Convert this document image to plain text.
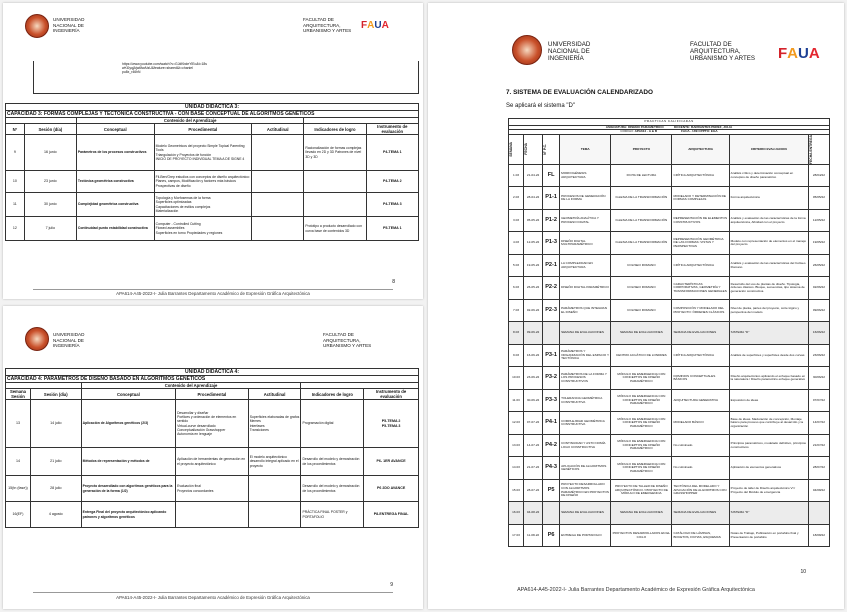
UNIVERSIDAD
NACIONAL DE
INGENIERÍA
FACULTAD DE
ARQUITECTURA,
URBANISMO Y ARTES F A U A
https://www.youtube.com/watch?v=GJdKbdeYlEo&t=18s
wKfJyqjAjw6fwAIsU&feature=shared&t=chaniel
pu8x_r46hN
UNIDAD DIDÁCTICA 3:						
CAPACIDAD 3: FORMAS COMPLEJAS Y TECTONICA CONSTRUCTIVA - CON BASE CONCEPTUAL DE ALGORITMOS GENÉTICOS						
		Contenido del Aprendizaje				
Nº	Sesión (día)	Conceptual	Procedimental	Actitudinal	Indicadores de logro	Instrumento de evaluación
9	16 junio	Parámetros de los procesos constructivos	Modelo Geometricos del proyecto Simple Topical Parenting Tools
Triangulación y Proyectos de función
INICIO DE PROYECTO INDIVIDUAL TEMA A DE SIGNE 4		Racionalización de formas complejas llevado en 2D y 3D Patrones de nivel 3D y 3D	P4-TEMA 1
10	23 junio	Tectónica geométrica constructiva	Fil-Ben/Grep estudios con conceptos de diseño arquitectónico: Planes, campos, Modificación y factores más básicos Prospectivas de diseño			P4-TEMA 2
11	30 junio	Complejidad geométrica constructiva	Topología y Morfosemas de la forma
Superficies optimizadas
Capacitaciones de estilos complejos
Materialización			P4-TEMA 3
12	7 julio	Continuidad punto estabilidad constructiva	Computer - Controlled Cutting
Flowed assemblies
Superficies en torno Propiedades y regiones		Prototipo a producto desarrollado con curva base de contenidos 3D	P5-TEMA 1
8
APA614-A45-2022-I- Julia Barrantes Departamento Académico de Expresión Gráfica Arquitectónica
UNIVERSIDAD
NACIONAL DE
INGENIERÍA
FACULTAD DE
ARQUITECTURA,
URBANISMO Y ARTES
UNIDAD DIDÁCTICA 4:						
CAPACIDAD 4: PARAMETROS DE DISEÑO BASADO EN ALGORITMOS GENÉTICOS						
		Contenido del Aprendizaje				
Semana Sesión	Sesión (día)	Conceptual	Procedimental	Actitudinal	Indicadores de logro	Instrumento de evaluación
13	14 julio	Aplicación de Algoritmos genéticos (2/3)	Desarrollar y diseñar
Poélices y ordenación de elementos en sentido
Virtual-curve desarrollado
Conceptualización Grasshopper
Autonomía en lenguaje	Superficies elaboradas de grafos
Memes
Interfases
Transiciones	Programación digital	P5-TEMA 2
P5-TEMA 3
14	21 julio	Métodos de representación y métodos de	Aplicación de herramientas de generación en el proyecto arquitectónico	El modelo arquitectónico desarrollo integral aplicado en el proyecto	Desarrollo del modelo y demostración de los procedimientos	P6- 1ER AVANCE
15(tn (fase))	28 julio	Proyecto desarrollado con algoritmos genéticos para la generación de la forma (1/2)	Evaluación final
Proyectos concordantes		Desarrollo del modelo y demostración de los procedimientos	P6 2DO AVANCE
16(EF)	4 agosto	Entrega Final del proyecto arquitectónico aplicando patrones y algoritmos genéticos			PRÁCTICA FINAL POSTER y PORTAFOLIO	P8-ENTREGA FINAL
9
APA614-A45-2022-I- Julia Barrantes Departamento Académico de Expresión Gráfica Arquitectónica
UNIVERSIDAD
NACIONAL DE
INGENIERÍA
FACULTAD DE
ARQUITECTURA,
URBANISMO Y ARTES F A U A
7. SISTEMA DE EVALUACIÓN CALENDARIZADO
Se aplicará el sistema "D"
PRACTICAS CALIFICADAS							
ASIGNATURA: DISEÑO PARAMETRICO DOCENTE: BARRANTES PÉREZ, JULIA							
CÓDIGO: APA614 - A & B FAUA - UNI CPPTO: EGA							

SEMANA	FECHA	N° P.C.	TEMA	PROYECTO	ARQUITECTURA	CRITERIO EVALUACION	FECHA ENTREGA

1.03	21-04-22	FL	MORFOGÉNESIS ARQUITECTURA	FICHA DE LECTURA	CRÍTICA ARQUITECTÓNICA	Análisis crítico y determinación conceptual en conceptos de diseño paramétrico	28/04/22
2.03	28-04-22	P1-1	PROCESOS DE GENERACIÓN DE LA FORMA	IGLESIA DE LA TRANSFORMACIÓN	MODELADO Y DETERMINACIÓN DE FORMAS COMPLEJAS	Forma arquitectónica	05/05/22
3.03	05-05-22	P1-2	GEOMETRÍA ANALÍTICA Y PROCESO DIGITAL	IGLESIA DE LA TRANSFORMACIÓN	REPRESENTACIÓN DE ELEMENTOS CONSTRUCTIVOS	Análisis y evaluación de las características de la forma arquitectónica, Afinidad con el proyecto	12/05/22
4.03	12-05-22	P1-3	DISEÑO DIGITAL MULTIPARAMÉTRICO	IGLESIA DE LA TRANSFORMACIÓN	REPRESENTACIÓN GEOMÉTRICA DE LAS FORMAS: VISTAS Y PERSPECTIVAS	Modelo con representación de elementos en el manejo del proyecto	19/05/22
5.03	19-05-22	P2-1	LA COMPLEJIDAD EN ARQUITECTURA	COLISEO ROMANO	CRÍTICA ARQUITECTÓNICA	Análisis y evaluación de las características del Coliseo Romano	26/05/22
6.03	26-05-22	P2-2	DISEÑO DIGITAL PARAMÉTRICO	COLISEO ROMANO	CARACTERÍSTICAS CORPORATIVAS, GEOMETRÍA Y TRANSFORMACIONES GENERALES	Desarrollo del uso de plantas de diseño. Tipología, órdenes clásicos. Bloque, secuencias, tipo sistema de generación constructiva	02/06/22
7.03	02-06-22	P2-3	PARÁMETROS QUE INTEGRAN EL DISEÑO	COLISEO ROMANO	COMPOSICIÓN Y MODELADO DEL PROYECTO: ÓRDENES CLÁSICOS	Nivel de planta, partes del proyecto, corte lógico y perspectiva del modelo	09/06/22
8.03	09-06-22		SEMANA DE EVALUACIONES	SEMANA DE EVALUACIONES	SEMANA DE EVALUACIONES	SISTEMA "D"	16/06/22
9.03	16-06-22	P3-1	PARÁMETROS Y ORGANIZACIÓN DEL ESPACIO Y TECTÓNICA	CENTRO ACUÁTICO DE LONDRES	CRÍTICA ARQUITECTÓNICA	Análisis de superficies y superficies desde dos curvas	23/06/22
10.03	23-06-22	P3-2	PARÁMETROS DE LA FORMA Y LOS PROCESOS CONSTRUCTIVOS	MÓDULO DE EMERGENCIA CON CONCEPTOS DE DISEÑO PARAMÉTRICO	DOMINIOS CONCEPTUALES BÁSICOS	Diseño arquitectónico aplicando el enfoque basado en la naturaleza / Diseño paramétrico enfoque generativo	30/06/22
11.03	30-06-22	P3-3	TOLERANCIA GEOMÉTRICA CONSTRUCTIVA	MÓDULO DE EMERGENCIA CON CONCEPTOS DE DISEÑO PARAMÉTRICO	ARQUITECTURA GENERATIVA	Exposición de ideas	07/07/22
12.03	07-07-22	P4-1	COMPLEJIDAD GEOMÉTRICA CONSTRUCTIVA	MÓDULO DE EMERGENCIA CON CONCEPTOS DE DISEÑO PARAMÉTRICO	MODELADO BÁSICO	Base de ideas. Maduración de concepción, Montaje básico para proceso que contribuye al desarrollo y la organización	14/07/22
13.03	14-07-22	P4-2	CONTINUIDAD Y ASTO NOMÍA LOGO CONSTRUCTIVA	MÓDULO DE EMERGENCIA CON CONCEPTOS DE DISEÑO PARAMÉTRICO	No culminado	Principios paramétricos, modelado definitivo, principios constructivos	21/07/22
14.03	21-07-22	P4-3	APLICACIÓN DE ALGORITMOS GENÉTICOS	MÓDULO DE EMERGENCIA CON CONCEPTOS DE DISEÑO PARAMÉTRICO	No culminado	Aplicación de elementos generativos	28/07/22
15.03	28-07-22	P5	PROYECTO DESARROLLADO CON ALGORITMOS PARAMÉTRICO EN PROYECTOS DE DISEÑO	PROYECTO DE TALLER DE DISEÑO ARQUITECTÓNICO / PROYECTO DE MÓDULO DE EMERGENCIA	TECTÓNICA DEL MODELADO Y APLICACIÓN DE ALGORITMOS CON GRASSHOPPER	Proyecto de taller de Diseño arquitectónico VI / Proyecto del Módulo de emergencia	04/08/22
16.03	04-08-22		SEMANA DE EVALUACIONES	SEMANA DE EVALUACIONES	SEMANA DE EVALUACIONES	SISTEMA "D"	
17.03	11-08-22	P6	ENTREGA DE PORTAFOLIO	PROYECTOS DESARROLLADOS EN EL CICLO	CATÁLOGO DE LÁMINAS, BOCETOS, FICHAS, ESQUEMAS	Notas de Trabajo, Publicación en portafolio final y Presentación de portafolio	18/08/22
10
APA614-A45-2022-I- Julia Barrantes Departamento Académico de Expresión Gráfica Arquitectónica
